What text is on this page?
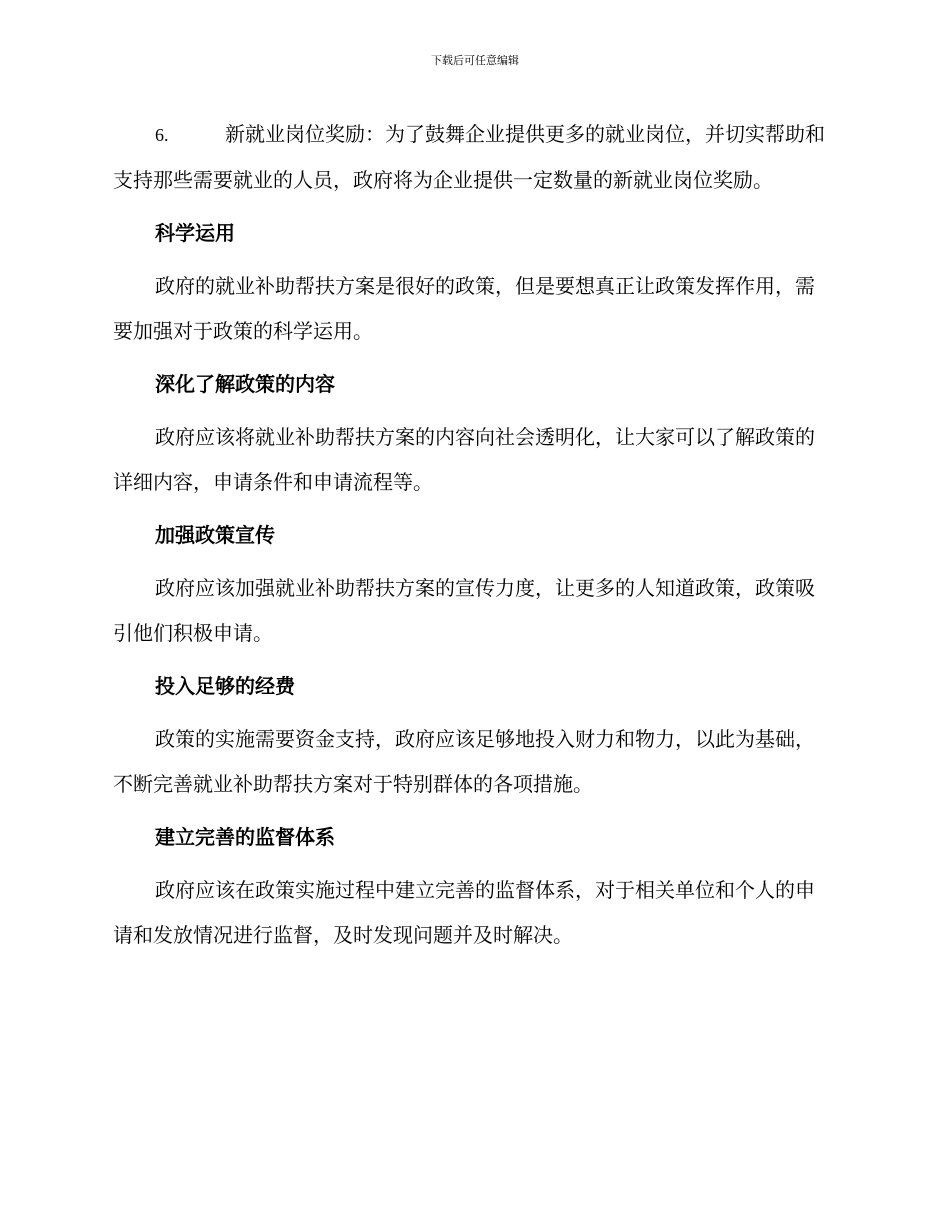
下载后可任意编辑

6.	新就业岗位奖励：为了鼓舞企业提供更多的就业岗位，并切实帮助和支持那些需要就业的人员，政府将为企业提供一定数量的新就业岗位奖励。

科学运用

政府的就业补助帮扶方案是很好的政策，但是要想真正让政策发挥作用，需要加强对于政策的科学运用。

深化了解政策的内容

政府应该将就业补助帮扶方案的内容向社会透明化，让大家可以了解政策的详细内容，申请条件和申请流程等。

加强政策宣传

政府应该加强就业补助帮扶方案的宣传力度，让更多的人知道政策，政策吸引他们积极申请。

投入足够的经费

政策的实施需要资金支持，政府应该足够地投入财力和物力，以此为基础，不断完善就业补助帮扶方案对于特别群体的各项措施。

建立完善的监督体系

政府应该在政策实施过程中建立完善的监督体系，对于相关单位和个人的申请和发放情况进行监督，及时发现问题并及时解决。
